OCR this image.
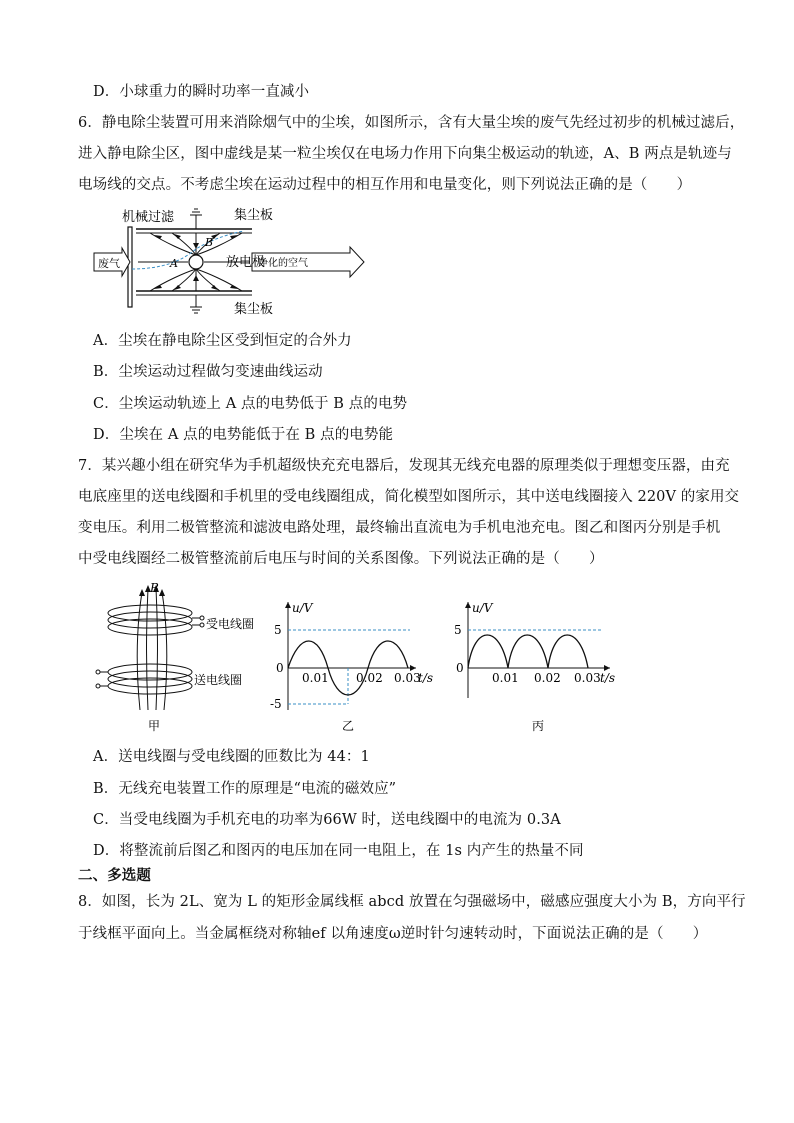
D．小球重力的瞬时功率一直减小
6．静电除尘装置可用来消除烟气中的尘埃，如图所示，含有大量尘埃的废气先经过初步的机械过滤后，
进入静电除尘区，图中虚线是某一粒尘埃仅在电场力作用下向集尘极运动的轨迹，A、B 两点是轨迹与
电场线的交点。不考虑尘埃在运动过程中的相互作用和电量变化，则下列说法正确的是（　　）
废气	净化的空气
机械过滤	集尘板
集尘板
放电极
A
B
A．尘埃在静电除尘区受到恒定的合外力
B．尘埃运动过程做匀变速曲线运动
C．尘埃运动轨迹上 A 点的电势低于 B 点的电势
D．尘埃在 A 点的电势能低于在 B 点的电势能
7．某兴趣小组在研究华为手机超级快充充电器后，发现其无线充电器的原理类似于理想变压器，由充
电底座里的送电线圈和手机里的受电线圈组成，简化模型如图所示，其中送电线圈接入 220V 的家用交
变电压。利用二极管整流和滤波电路处理，最终输出直流电为手机电池充电。图乙和图丙分别是手机
中受电线圈经二极管整流前后电压与时间的关系图像。下列说法正确的是（　　）
B
受电线圈
送电线圈
甲
u/V
5
0
-5
0.01 0.02 0.03
t/s
乙
u/V
5
0
0.01 0.02 0.03 t/s
丙
A．送电线圈与受电线圈的匝数比为 44：1
B．无线充电装置工作的原理是“电流的磁效应”
C．当受电线圈为手机充电的功率为66W 时，送电线圈中的电流为 0.3A
D．将整流前后图乙和图丙的电压加在同一电阻上，在 1s 内产生的热量不同
二、多选题
8．如图，长为 2L、宽为 L 的矩形金属线框 abcd 放置在匀强磁场中，磁感应强度大小为 B，方向平行
于线框平面向上。当金属框绕对称轴ef 以角速度ω逆时针匀速转动时，下面说法正确的是（　　）
